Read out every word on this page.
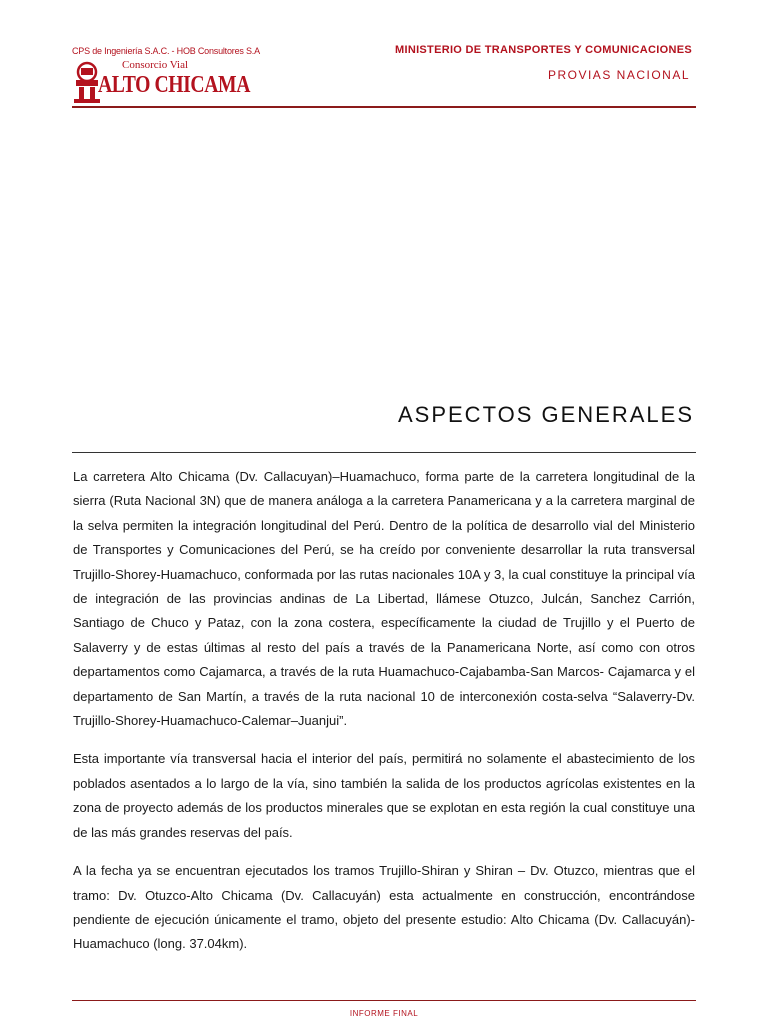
CPS de Ingeniería S.A.C. - HOB Consultores S.A
Consorcio Vial
ALTO CHICAMA
MINISTERIO DE TRANSPORTES Y COMUNICACIONES
PROVIAS NACIONAL
ASPECTOS GENERALES

La carretera Alto Chicama (Dv. Callacuyan)–Huamachuco, forma parte de la carretera longitudinal de la sierra (Ruta Nacional 3N) que de manera análoga a la carretera Panamericana y a la carretera marginal de la selva permiten la integración longitudinal del Perú. Dentro de la política de desarrollo vial del Ministerio de Transportes y Comunicaciones del Perú, se ha creído por conveniente desarrollar la ruta transversal Trujillo-Shorey-Huamachuco, conformada por las rutas nacionales 10A y 3, la cual constituye la principal vía de integración de las provincias andinas de La Libertad, llámese Otuzco, Julcán, Sanchez Carrión, Santiago de Chuco y Pataz, con la zona costera, específicamente la ciudad de Trujillo y el Puerto de Salaverry y de estas últimas al resto del país a través de la Panamericana Norte, así como con otros departamentos como Cajamarca, a través de la ruta Huamachuco-Cajabamba-San Marcos- Cajamarca y el departamento de San Martín, a través de la ruta nacional 10 de interconexión costa-selva “Salaverry-Dv. Trujillo-Shorey-Huamachuco-Calemar–Juanjui”.

Esta importante vía transversal hacia el interior del país, permitirá no solamente el abastecimiento de los poblados asentados a lo largo de la vía, sino también la salida de los productos agrícolas existentes en la zona de proyecto además de los productos minerales que se explotan en esta región la cual constituye una de las más grandes reservas del país.

A la fecha ya se encuentran ejecutados los tramos Trujillo-Shiran y Shiran – Dv. Otuzco, mientras que el tramo: Dv. Otuzco-Alto Chicama (Dv. Callacuyán) esta actualmente en construcción, encontrándose pendiente de ejecución únicamente el tramo, objeto del presente estudio: Alto Chicama (Dv. Callacuyán)-Huamachuco (long. 37.04km).

INFORME FINAL
